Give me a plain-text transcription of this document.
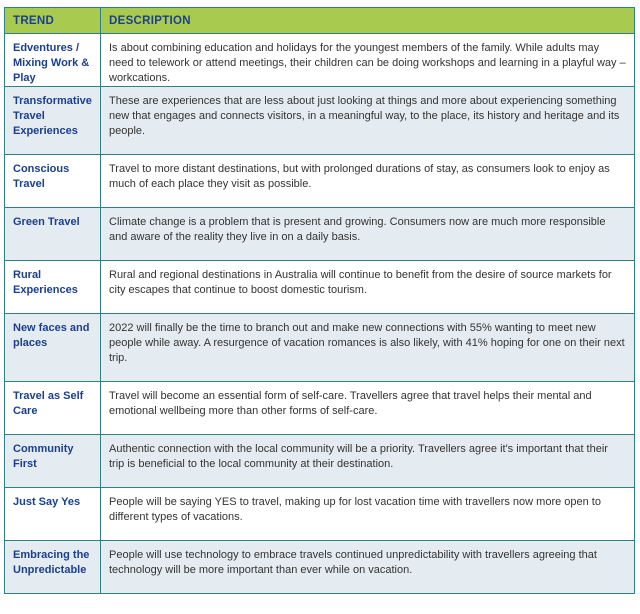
TREND	DESCRIPTION
Edventures / Mixing Work & Play	Is about combining education and holidays for the youngest members of the family. While adults may need to telework or attend meetings, their children can be doing workshops and learning in a playful way – workcations.
Transformative Travel Experiences	These are experiences that are less about just looking at things and more about experiencing something new that engages and connects visitors, in a meaningful way, to the place, its history and heritage and its people.
Conscious Travel	Travel to more distant destinations, but with prolonged durations of stay, as consumers look to enjoy as much of each place they visit as possible.
Green Travel	Climate change is a problem that is present and growing. Consumers now are much more responsible and aware of the reality they live in on a daily basis.
Rural Experiences	Rural and regional destinations in Australia will continue to benefit from the desire of source markets for city escapes that continue to boost domestic tourism.
New faces and places	2022 will finally be the time to branch out and make new connections with 55% wanting to meet new people while away. A resurgence of vacation romances is also likely, with 41% hoping for one on their next trip.
Travel as Self Care	Travel will become an essential form of self-care. Travellers agree that travel helps their mental and emotional wellbeing more than other forms of self-care.
Community First	Authentic connection with the local community will be a priority. Travellers agree it's important that their trip is beneficial to the local community at their destination.
Just Say Yes	People will be saying YES to travel, making up for lost vacation time with travellers now more open to different types of vacations.
Embracing the Unpredictable	People will use technology to embrace travels continued unpredictability with travellers agreeing that technology will be more important than ever while on vacation.
